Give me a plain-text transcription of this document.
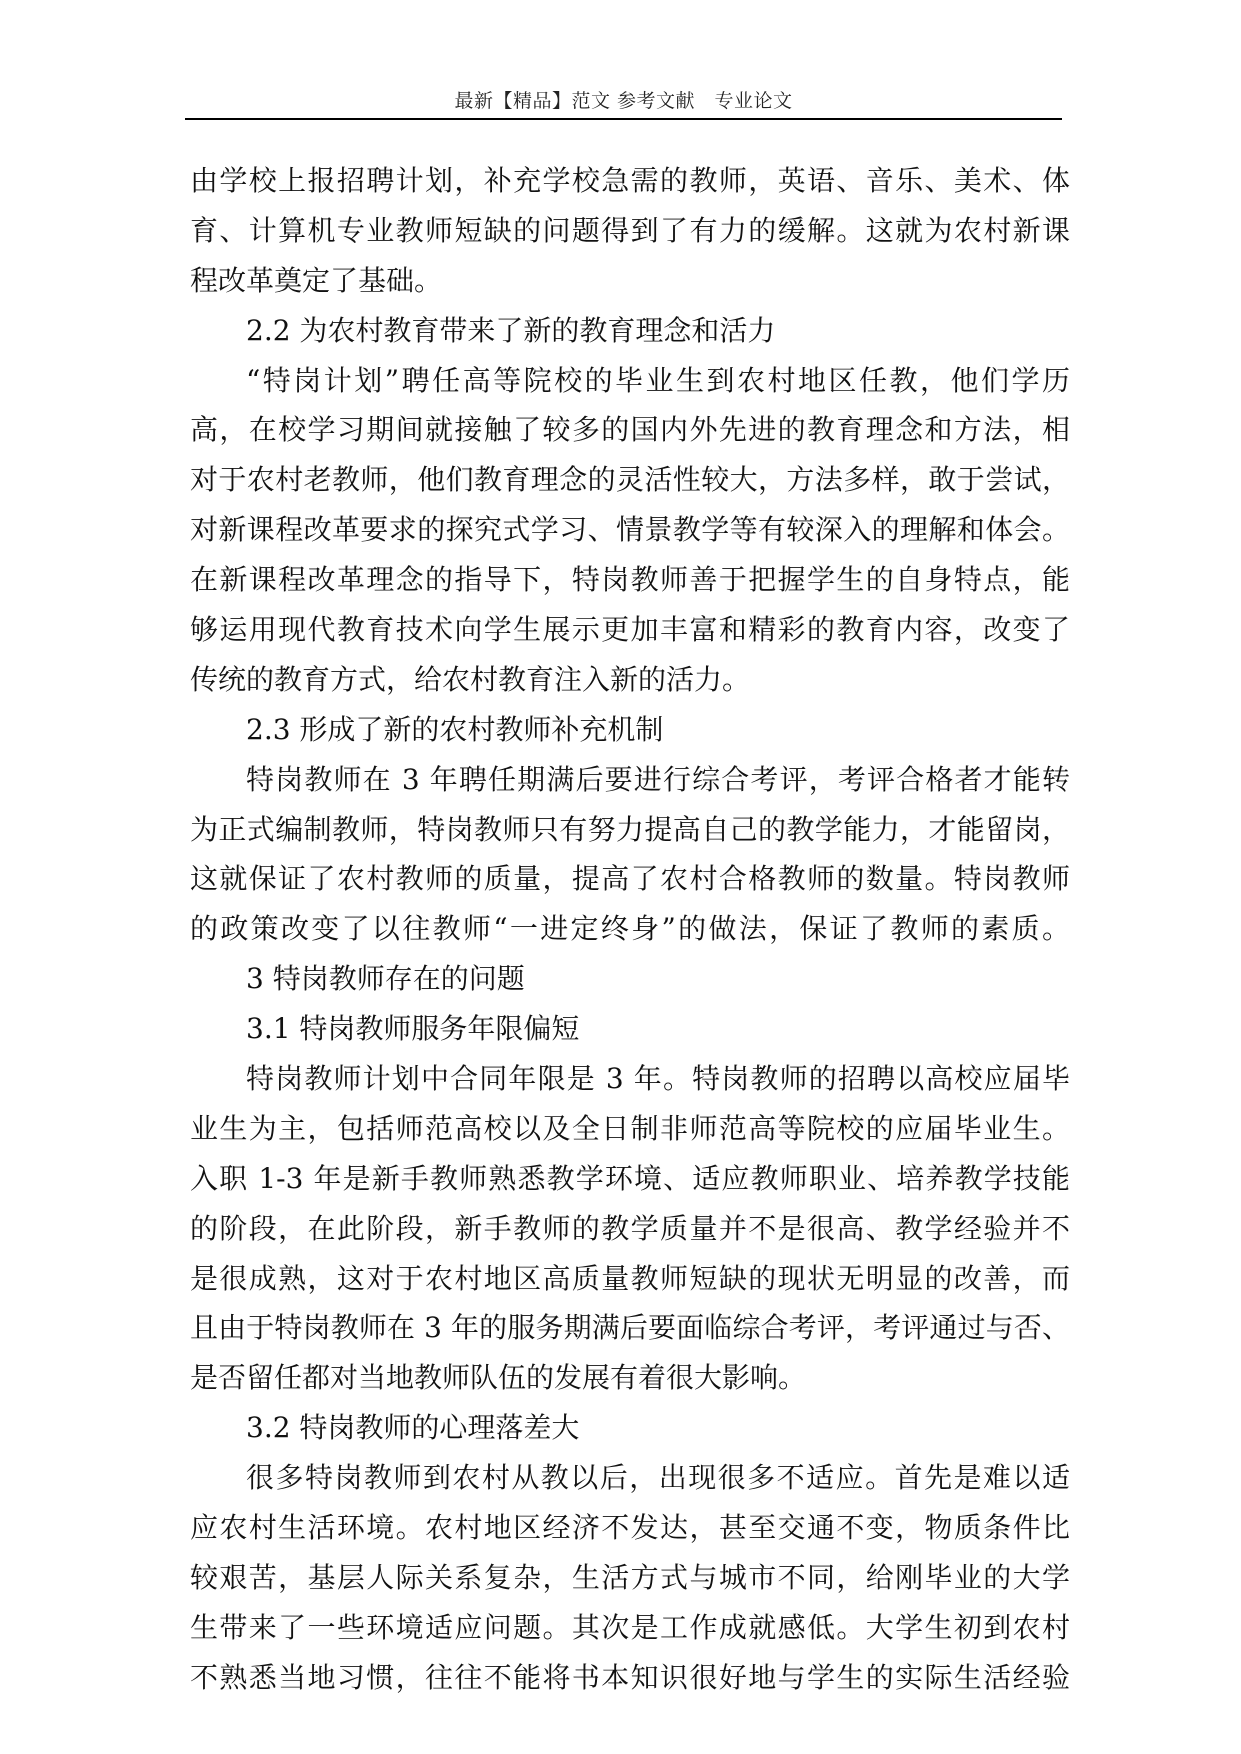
最新【精品】范文 参考文献　专业论文
由学校上报招聘计划，补充学校急需的教师，英语、音乐、美术、体
育、计算机专业教师短缺的问题得到了有力的缓解。这就为农村新课
程改革奠定了基础。
2.2 为农村教育带来了新的教育理念和活力
“特岗计划”聘任高等院校的毕业生到农村地区任教，他们学历
高，在校学习期间就接触了较多的国内外先进的教育理念和方法，相
对于农村老教师，他们教育理念的灵活性较大，方法多样，敢于尝试，
对新课程改革要求的探究式学习、情景教学等有较深入的理解和体会。
在新课程改革理念的指导下，特岗教师善于把握学生的自身特点，能
够运用现代教育技术向学生展示更加丰富和精彩的教育内容，改变了
传统的教育方式，给农村教育注入新的活力。
2.3 形成了新的农村教师补充机制
特岗教师在 3 年聘任期满后要进行综合考评，考评合格者才能转
为正式编制教师，特岗教师只有努力提高自己的教学能力，才能留岗，
这就保证了农村教师的质量，提高了农村合格教师的数量。特岗教师
的政策改变了以往教师“一进定终身”的做法，保证了教师的素质。
3 特岗教师存在的问题
3.1 特岗教师服务年限偏短
特岗教师计划中合同年限是 3 年。特岗教师的招聘以高校应届毕
业生为主，包括师范高校以及全日制非师范高等院校的应届毕业生。
入职 1-3 年是新手教师熟悉教学环境、适应教师职业、培养教学技能
的阶段，在此阶段，新手教师的教学质量并不是很高、教学经验并不
是很成熟，这对于农村地区高质量教师短缺的现状无明显的改善，而
且由于特岗教师在 3 年的服务期满后要面临综合考评，考评通过与否、
是否留任都对当地教师队伍的发展有着很大影响。
3.2 特岗教师的心理落差大
很多特岗教师到农村从教以后，出现很多不适应。首先是难以适
应农村生活环境。农村地区经济不发达，甚至交通不变，物质条件比
较艰苦，基层人际关系复杂，生活方式与城市不同，给刚毕业的大学
生带来了一些环境适应问题。其次是工作成就感低。大学生初到农村
不熟悉当地习惯，往往不能将书本知识很好地与学生的实际生活经验
